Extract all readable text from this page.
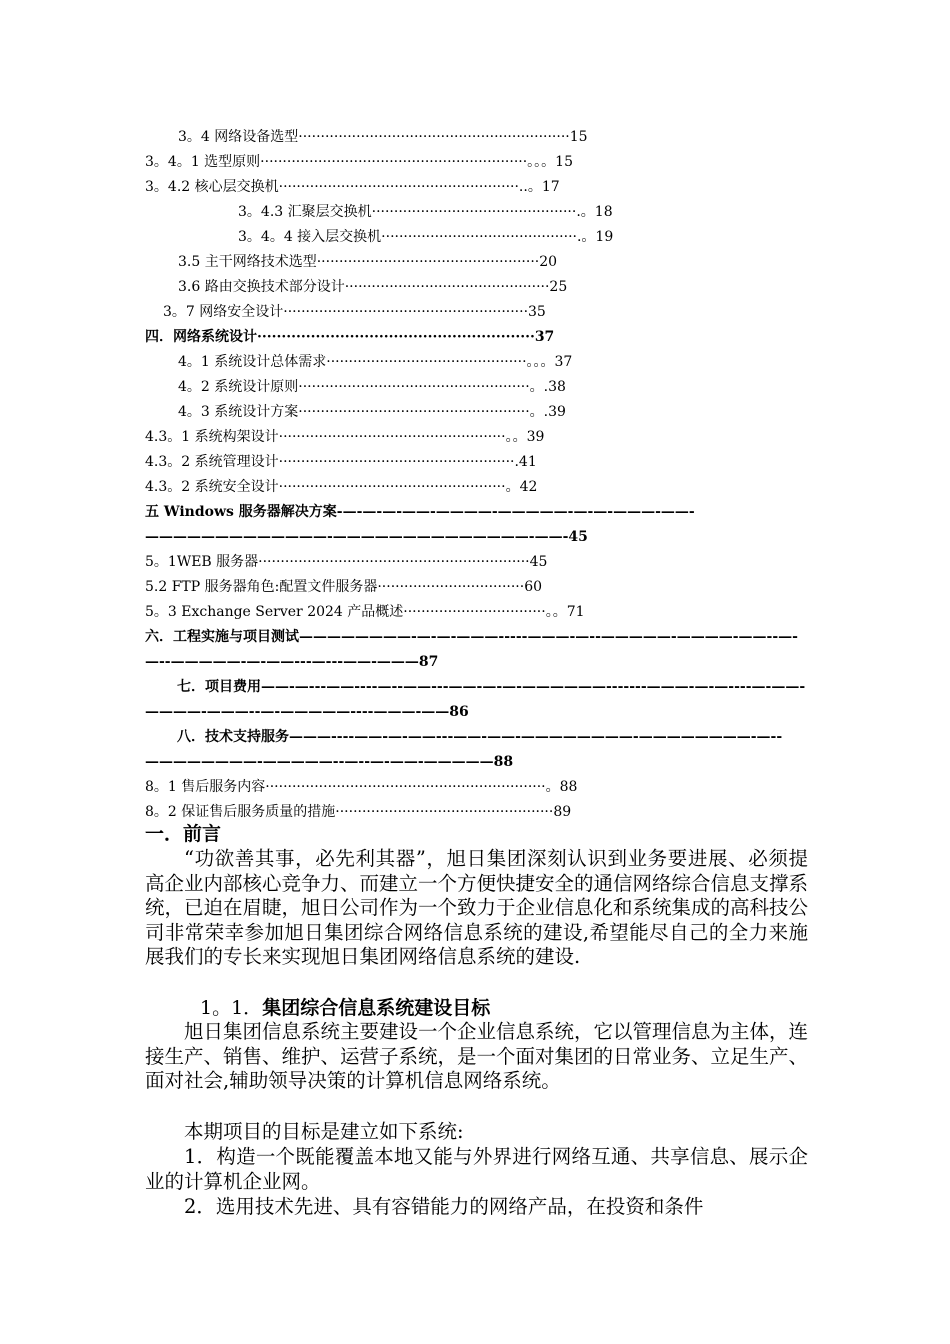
3。4 网络设备选型·····························································15
3。4。1 选型原则····························································。。。15
3。4.2 核心层交换机······················································..。17
3。4.3 汇聚层交换机··············································.。18
3。4。4 接入层交换机············································.。19
3.5 主干网络技术选型··················································20
3.6 路由交换技术部分设计··············································25
3。7 网络安全设计·······················································35
四．网络系统设计·························································37
4。1 系统设计总体需求·············································。。。37
4。2 系统设计原则····················································。.38
4。3 系统设计方案····················································。.39
4.3。1 系统构架设计···················································。。39
4.3。2 系统管理设计·····················································.41
4.3。2 系统安全设计···················································。42
五 Windows 服务器解决方案-—-—-—-——-————-—————-—-—-———-——-—————————————-——————————————-——-45
5。1WEB 服务器·····························································45
5.2 FTP 服务器角色:配置文件服务器·································60
5。3 Exchange Server 2024 产品概述································。。71
六．工程实施与项目测试————————-—-—-———-----———-—--—————-————-——--—-—--—————-—-——---—---——-———87
七．项目费用——-—---——----—--——---——-—-—-——————-------———-—-—----—-——-————-———--—-—————----———-——86
八．技术支持服务———----——-—-——---——-——-————————-————————-—--————————-—————--—--—-——-—————88
8。1 售后服务内容·······························································。88
8。2 保证售后服务质量的措施·················································89
一．前言
“功欲善其事，必先利其器”，旭日集团深刻认识到业务要进展、必须提高企业内部核心竞争力、而建立一个方便快捷安全的通信网络综合信息支撑系统，已迫在眉睫，旭日公司作为一个致力于企业信息化和系统集成的高科技公司非常荣幸参加旭日集团综合网络信息系统的建设,希望能尽自己的全力来施展我们的专长来实现旭日集团网络信息系统的建设.
1。1．集团综合信息系统建设目标
旭日集团信息系统主要建设一个企业信息系统，它以管理信息为主体，连接生产、销售、维护、运营子系统，是一个面对集团的日常业务、立足生产、面对社会,辅助领导决策的计算机信息网络系统。
本期项目的目标是建立如下系统:
1．构造一个既能覆盖本地又能与外界进行网络互通、共享信息、展示企业的计算机企业网。
2．选用技术先进、具有容错能力的网络产品，在投资和条件
